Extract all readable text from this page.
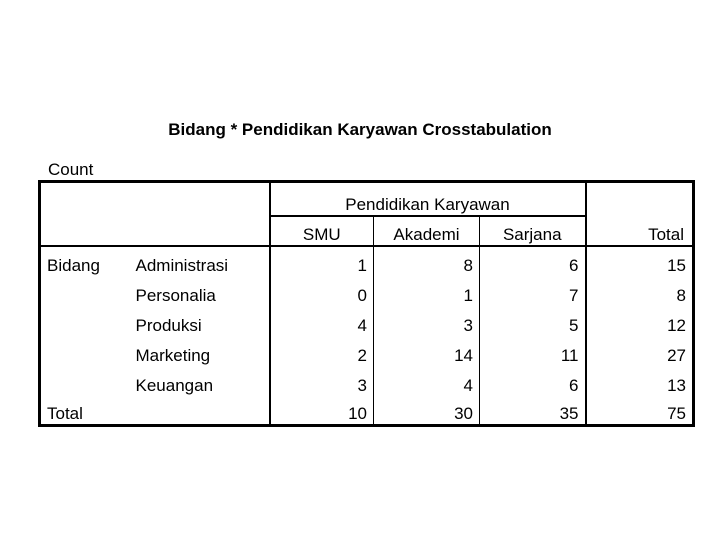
Bidang * Pendidikan Karyawan Crosstabulation
Count
		Pendidikan Karyawan			Total
		SMU	Akademi	Sarjana	
Bidang	Administrasi	1	8	6	15
	Personalia	0	1	7	8
	Produksi	4	3	5	12
	Marketing	2	14	11	27
	Keuangan	3	4	6	13
Total		10	30	35	75
